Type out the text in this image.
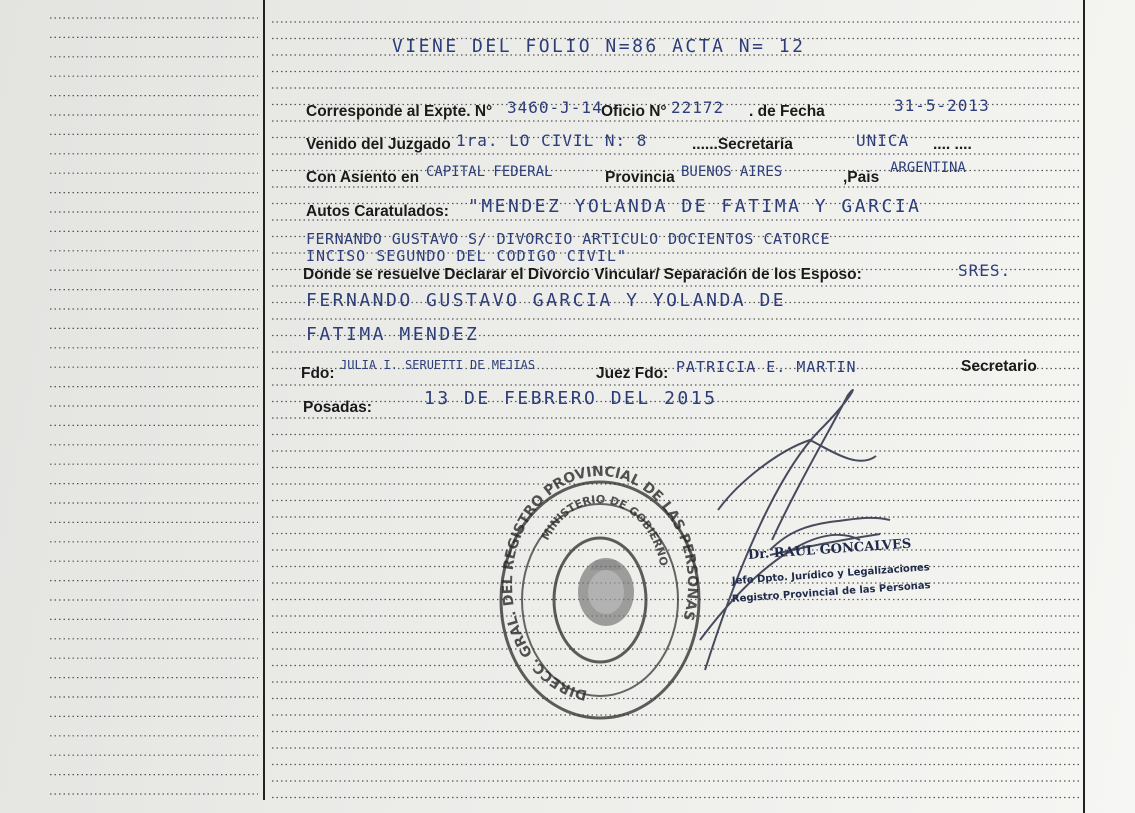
VIENE DEL FOLIO N=86 ACTA N= 12
Corresponde al Expte. N° 3460-J-14
Oficio N° 22172 . de Fecha	31-5-2013
Venido del Juzgado 1ra. LO CIVIL N: 8	......Secretaría	UNICA .... ....
Con Asiento en CAPITAL FEDERAL	Provincia BUENOS AIRES	,Pais
ARGENTINA
Autos Caratulados: "MENDEZ YOLANDA DE FATIMA Y GARCIA
FERNANDO GUSTAVO S/ DIVORCIO ARTICULO DOCIENTOS CATORCE
INCISO SEGUNDO DEL CODIGO CIVIL"
Donde se resuelve Declarar el Divorcio Vincular/ Separación de los Esposo:	SRES.
FERNANDO GUSTAVO GARCIA Y YOLANDA DE
FATIMA MENDEZ
Fdo: JULIA I. SERUETTI DE MEJIAS	Juez Fdo: PATRICIA E. MARTIN	Secretario
Posadas:	13 DE FEBRERO DEL 2015
DIRECC. GRAL. DEL REGISTRO PROVINCIAL DE LAS PERSONAS
MINISTERIO DE GOBIERNO	Dr. RAUL GONCALVES
Jefe Dpto. Jurídico y Legalizaciones
Registro Provincial de las Personas
